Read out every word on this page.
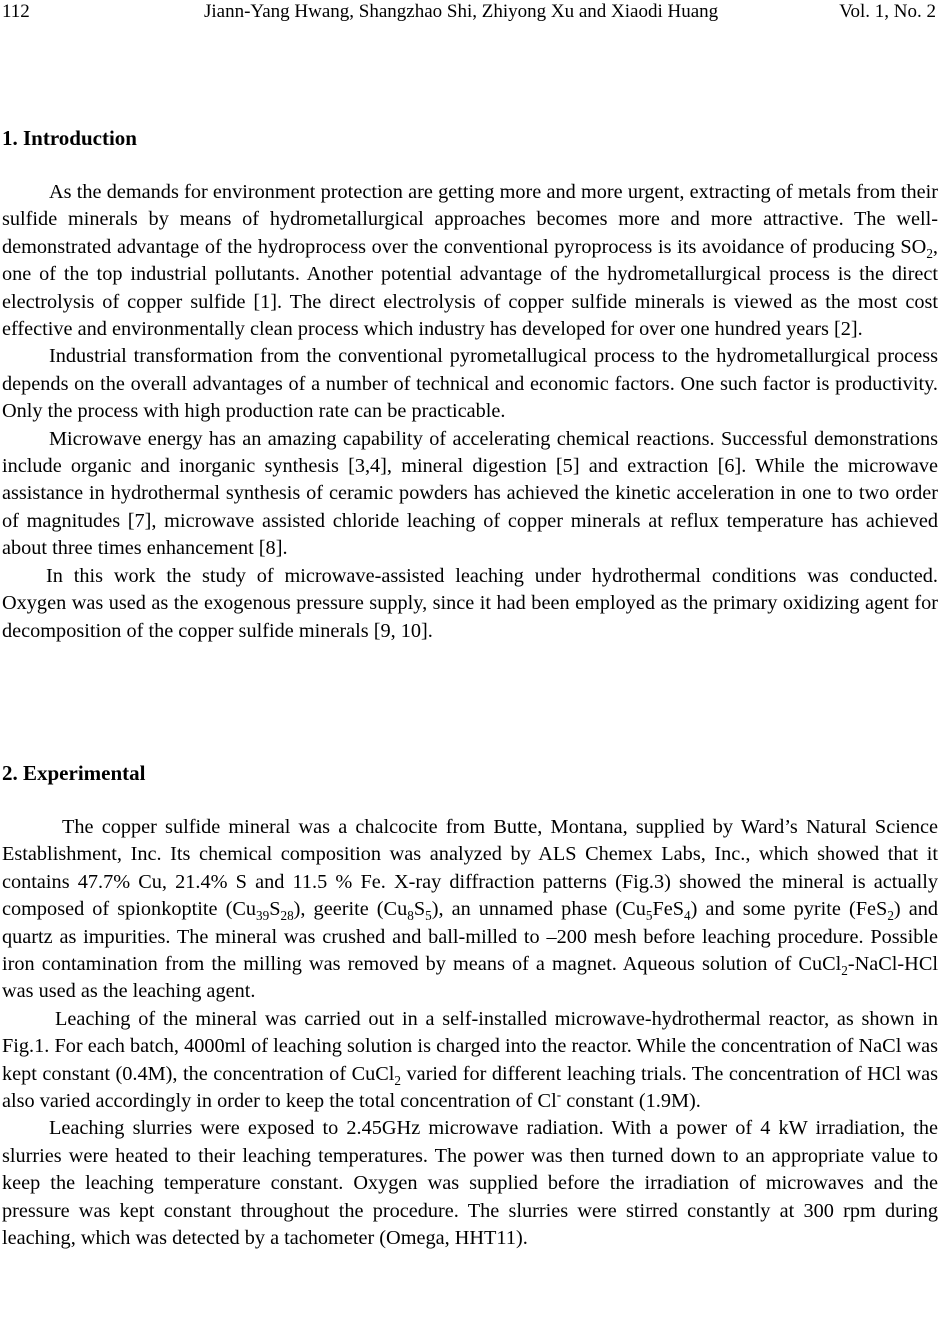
112	Jiann-Yang Hwang, Shangzhao Shi, Zhiyong Xu and Xiaodi Huang	Vol. 1, No. 2
1. Introduction

As the demands for environment protection are getting more and more urgent, extracting of metals from their sulfide minerals by means of hydrometallurgical approaches becomes more and more attractive. The well-demonstrated advantage of the hydroprocess over the conventional pyroprocess is its avoidance of producing $SO_2$, one of the top industrial pollutants. Another potential advantage of the hydrometallurgical process is the direct electrolysis of copper sulfide [1]. The direct electrolysis of copper sulfide minerals is viewed as the most cost effective and environmentally clean process which industry has developed for over one hundred years [2].

Industrial transformation from the conventional pyrometallugical process to the hydrometallurgical process depends on the overall advantages of a number of technical and economic factors. One such factor is productivity. Only the process with high production rate can be practicable.

Microwave energy has an amazing capability of accelerating chemical reactions. Successful demonstrations include organic and inorganic synthesis [3,4], mineral digestion [5] and extraction [6]. While the microwave assistance in hydrothermal synthesis of ceramic powders has achieved the kinetic acceleration in one to two order of magnitudes [7], microwave assisted chloride leaching of copper minerals at reflux temperature has achieved about three times enhancement [8].

In this work the study of microwave-assisted leaching under hydrothermal conditions was conducted. Oxygen was used as the exogenous pressure supply, since it had been employed as the primary oxidizing agent for decomposition of the copper sulfide minerals [9, 10].

2. Experimental

The copper sulfide mineral was a chalcocite from Butte, Montana, supplied by Ward’s Natural Science Establishment, Inc. Its chemical composition was analyzed by ALS Chemex Labs, Inc., which showed that it contains 47.7% Cu, 21.4% S and 11.5 % Fe. X-ray diffraction patterns (Fig.3) showed the mineral is actually composed of spionkoptite $(Cu_{39}S_{28})$, geerite $(Cu_8S_5)$, an unnamed phase $(Cu_5FeS_4)$ and some pyrite (FeS$_2$) and quartz as impurities. The mineral was crushed and ball-milled to –200 mesh before leaching procedure. Possible iron contamination from the milling was removed by means of a magnet. Aqueous solution of CuCl$_2$-NaCl-HCl was used as the leaching agent.

Leaching of the mineral was carried out in a self-installed microwave-hydrothermal reactor, as shown in Fig.1. For each batch, 4000ml of leaching solution is charged into the reactor. While the concentration of NaCl was kept constant (0.4M), the concentration of CuCl$_2$ varied for different leaching trials. The concentration of HCl was also varied accordingly in order to keep the total concentration of Cl- constant (1.9M).

Leaching slurries were exposed to 2.45GHz microwave radiation. With a power of 4 kW irradiation, the slurries were heated to their leaching temperatures. The power was then turned down to an appropriate value to keep the leaching temperature constant. Oxygen was supplied before the irradiation of microwaves and the pressure was kept constant throughout the procedure. The slurries were stirred constantly at 300 rpm during leaching, which was detected by a tachometer (Omega, HHT11).
